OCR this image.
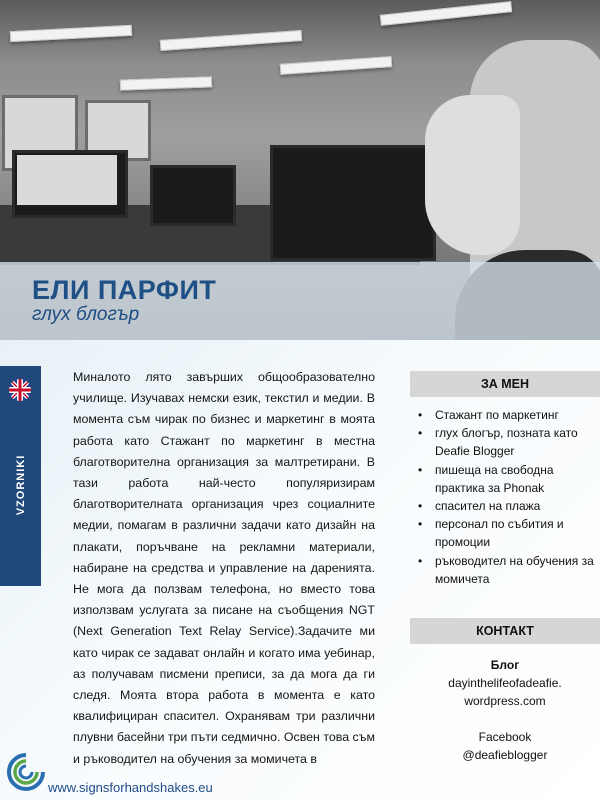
ЕЛИ ПАРФИТ
глух блогър
VZORNIKI
Миналото лято завърших общообразователно училище. Изучавах немски език, текстил и медии. В момента съм чирак по бизнес и маркетинг в моята работа като Стажант по маркетинг в местна благотворителна организация за малтретирани. В тази работа най-често популяризирам благотворителната организация чрез социалните медии, помагам в различни задачи като дизайн на плакати, поръчване на рекламни материали, набиране на средства и управление на даренията. Не мога да ползвам телефона, но вместо това използвам услугата за писане на съобщения NGT (Next Generation Text Relay Service).Задачите ми като чирак се задават онлайн и когато има уебинар, аз получавам писмени преписи, за да мога да ги следя. Моята втора работа в момента е като квалифициран спасител. Охранявам три различни плувни басейни три пъти седмично. Освен това съм и ръководител на обучения за момичета в
ЗА МЕН
• Стажант по маркетинг
• глух блогър, позната като Deafie Blogger
• пишеща на свободна практика за Phonak
• спасител на плажа
• персонал по събития и промоции
• ръководител на обучения за момичета
КОНТАКТ
Блог
dayinthelifeofadeafie.
wordpress.com
Facebook
@deafieblogger
www.signsforhandshakes.eu
